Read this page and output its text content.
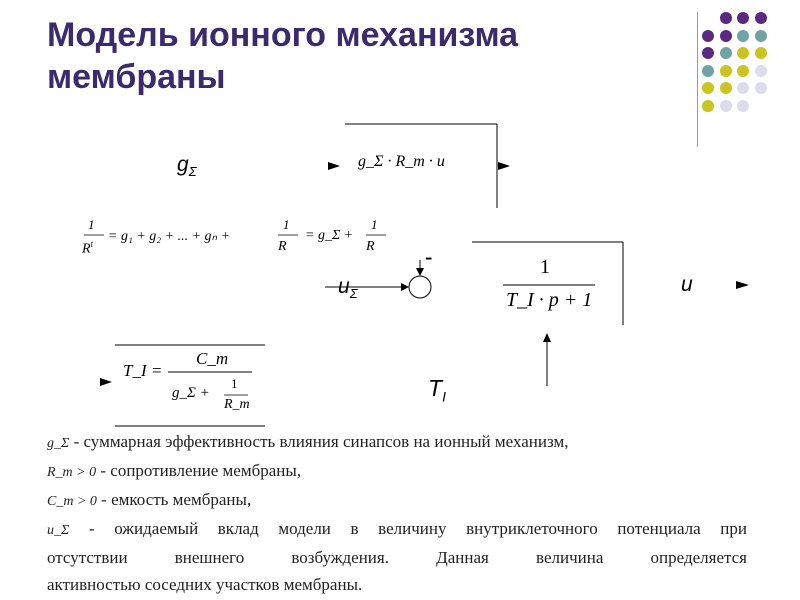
Модель ионного механизма мембраны
$g_\Sigma$
g_Σ · R_m · u
1
$R^t = g_1 + g_2$ + ... + gₙ +
1
R
= g_Σ +
1
R -
$u_\Sigma$
1
T_I · p + 1
u
$T_I$
T_I =
C_m
g_Σ +
1
R_m
g_Σ - суммарная эффективность влияния синапсов на ионный механизм,
R_m > 0 - сопротивление мембраны,
C_m > 0 - емкость мембраны,
u_Σ - ожидаемый вклад модели в величину внутриклеточного потенциала при
отсутствии внешнего возбуждения. Данная величина определяется
активностью соседних участков мембраны.
